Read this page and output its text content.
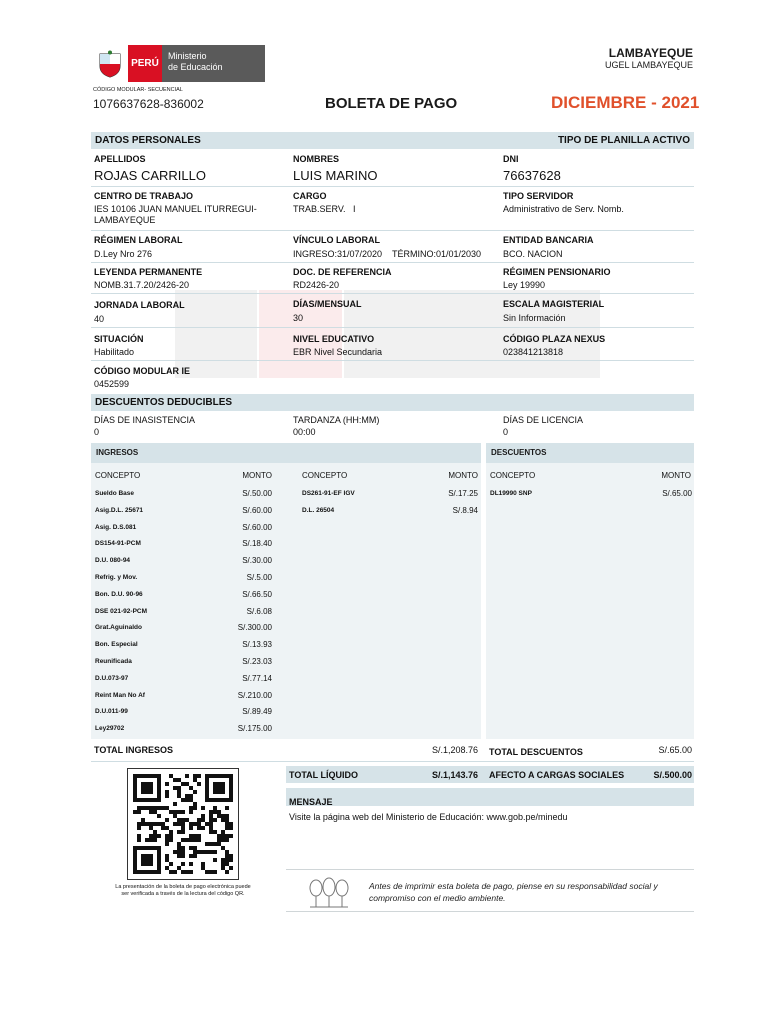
PERÚ
Ministerio
de Educación
LAMBAYEQUE
UGEL LAMBAYEQUE
CÓDIGO MODULAR- SECUENCIAL
1076637628-836002	BOLETA DE PAGO	DICIEMBRE - 2021
DATOS PERSONALES	TIPO DE PLANILLA ACTIVO
APELLIDOS
ROJAS CARRILLO
NOMBRES
LUIS MARINO
DNI
76637628
CENTRO DE TRABAJO
IES 10106 JUAN MANUEL ITURREGUI-LAMBAYEQUE
CARGO
TRAB.SERV.   I
TIPO SERVIDOR
Administrativo de Serv. Nomb.
RÉGIMEN LABORAL
D.Ley Nro 276
VÍNCULO LABORAL
INGRESO:31/07/2020 TÉRMINO:01/01/2030
ENTIDAD BANCARIA
BCO. NACION
LEYENDA PERMANENTE
NOMB.31.7.20/2426-20
DOC. DE REFERENCIA
RD2426-20
RÉGIMEN PENSIONARIO
Ley 19990
JORNADA LABORAL
40
DÍAS/MENSUAL
30
ESCALA MAGISTERIAL
Sin Información
SITUACIÓN
Habilitado
NIVEL EDUCATIVO
EBR Nivel Secundaria
CÓDIGO PLAZA NEXUS
023841213818
CÓDIGO MODULAR IE
0452599
DESCUENTOS DEDUCIBLES
DÍAS DE INASISTENCIA
0
TARDANZA (HH:MM)
00:00
DÍAS DE LICENCIA
0
INGRESOS	DESCUENTOS
CONCEPTO	MONTO	CONCEPTO	MONTO CONCEPTO	MONTO
Sueldo Base	S/.50.00
Asig.D.L. 25671	S/.60.00
Asig. D.S.081	S/.60.00
DS154-91-PCM	S/.18.40
D.U. 080-94	S/.30.00
Refrig. y Mov.	S/.5.00
Bon. D.U. 90-96	S/.66.50
DSE 021-92-PCM	S/.6.08
Grat.Aguinaldo	S/.300.00
Bon. Especial	S/.13.93
Reunificada	S/.23.03
D.U.073-97	S/.77.14
Reint Man No Af	S/.210.00
D.U.011-99	S/.89.49
Ley29702	S/.175.00
DS261-91-EF IGV	S/.17.25
D.L. 26504	S/.8.94
DL19990 SNP	S/.65.00
TOTAL INGRESOS	S/.1,208.76 TOTAL DESCUENTOS	S/.65.00
TOTAL LÍQUIDO	S/.1,143.76 AFECTO A CARGAS SOCIALES	S/.500.00
MENSAJE
Visite la página web del Ministerio de Educación: www.gob.pe/minedu
La presentación de la boleta de pago electrónica puede ser verificada a través de la lectura del código QR.
Antes de imprimir esta boleta de pago, piense en su responsabilidad social y compromiso con el medio ambiente.
